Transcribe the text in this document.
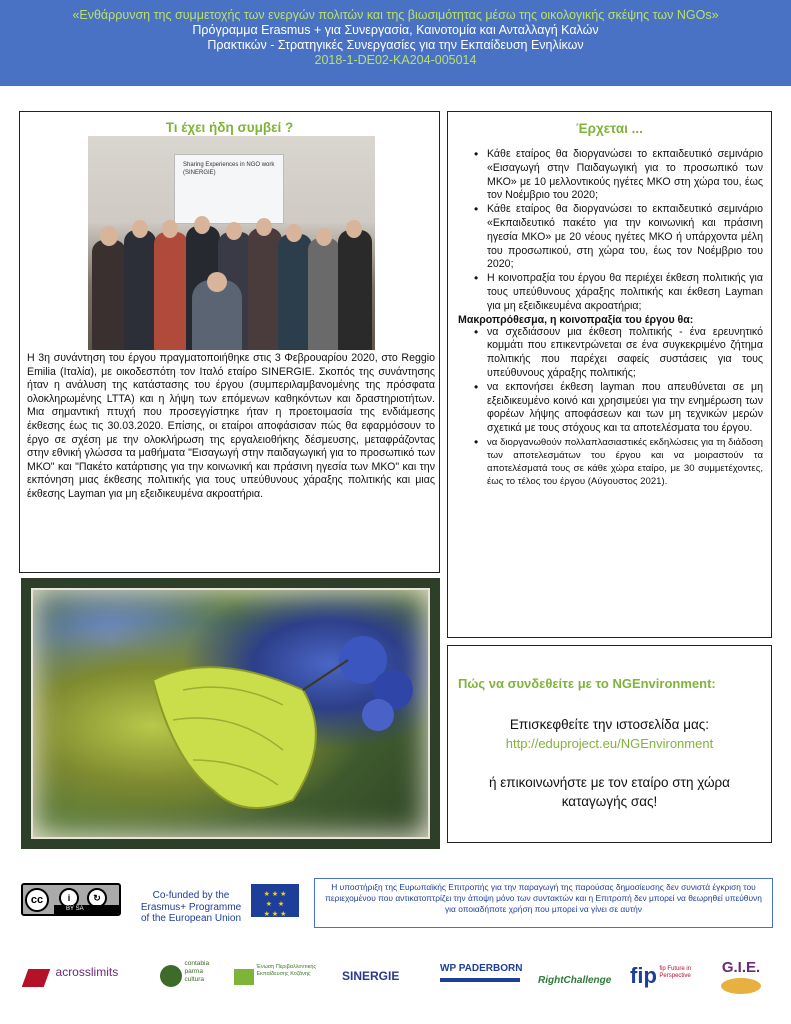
«Ενθάρρυνση της συμμετοχής των ενεργών πολιτών και της βιωσιμότητας μέσω της οικολογικής σκέψης των NGOs»
Πρόγραμμα Erasmus + για Συνεργασία, Καινοτομία και Ανταλλαγή Καλών
Πρακτικών - Στρατηγικές Συνεργασίες για την Εκπαίδευση Ενηλίκων
2018-1-DE02-KA204-005014
Τι έχει ήδη συμβεί ?
Sharing Experiences in NGO work (SINERGIE)
Η 3η συνάντηση του έργου πραγματοποιήθηκε στις 3 Φεβρουαρίου 2020, στο Reggio Emilia (Ιταλία), με οικοδεσπότη τον Ιταλό εταίρο SINERGIE. Σκοπός της συνάντησης ήταν η ανάλυση της κατάστασης του έργου (συμπεριλαμβανομένης της πρόσφατα ολοκληρωμένης LTTA) και η λήψη των επόμενων καθηκόντων και δραστηριοτήτων. Μια σημαντική πτυχή που προσεγγίστηκε ήταν η προετοιμασία της ενδιάμεσης έκθεσης έως τις 30.03.2020. Επίσης, οι εταίροι αποφάσισαν πώς θα εφαρμόσουν το έργο σε σχέση με την ολοκλήρωση της εργαλειοθήκης δέσμευσης, μεταφράζοντας στην εθνική γλώσσα τα μαθήματα "Εισαγωγή στην παιδαγωγική για το προσωπικό των ΜΚΟ" και "Πακέτο κατάρτισης για την κοινωνική και πράσινη ηγεσία των ΜΚΟ" και την εκπόνηση μιας έκθεσης πολιτικής για τους υπεύθυνους χάραξης πολιτικής και μιας έκθεσης Layman για μη εξειδικευμένα ακροατήρια.
Έρχεται ...
• Κάθε εταίρος θα διοργανώσει το εκπαιδευτικό σεμινάριο «Εισαγωγή στην Παιδαγωγική για το προσωπικό των ΜΚΟ» με 10 μελλοντικούς ηγέτες ΜΚΟ στη χώρα του, έως τον Νοέμβριο του 2020;
• Κάθε εταίρος θα διοργανώσει το εκπαιδευτικό σεμινάριο «Εκπαιδευτικό πακέτο για την κοινωνική και πράσινη ηγεσία ΜΚΟ» με 20 νέους ηγέτες ΜΚΟ ή υπάρχοντα μέλη του προσωπικού, στη χώρα του, έως τον Νοέμβριο του 2020;
• Η κοινοπραξία του έργου θα περιέχει έκθεση πολιτικής για τους υπεύθυνους χάραξης πολιτικής και έκθεση Layman για μη εξειδικευμένα ακροατήρια;
Μακροπρόθεσμα, η κοινοπραξία του έργου θα:
• να σχεδιάσουν μια έκθεση πολιτικής - ένα ερευνητικό κομμάτι που επικεντρώνεται σε ένα συγκεκριμένο ζήτημα πολιτικής που παρέχει σαφείς συστάσεις για τους υπεύθυνους χάραξης πολιτικής;
• να εκπονήσει έκθεση layman που απευθύνεται σε μη εξειδικευμένο κοινό και χρησιμεύει για την ενημέρωση των φορέων λήψης αποφάσεων και των μη τεχνικών μερών σχετικά με τους στόχους και τα αποτελέσματα του έργου.
• να διοργανωθούν πολλαπλασιαστικές εκδηλώσεις για τη διάδοση των αποτελεσμάτων του έργου και να μοιραστούν τα αποτελέσματά τους σε κάθε χώρα εταίρο, με 30 συμμετέχοντες, έως το τέλος του έργου (Αύγουστος 2021).
Πώς να συνδεθείτε με το NGEnvironment:
Επισκεφθείτε την ιστοσελίδα μας:
http://eduproject.eu/NGEnvironment
ή επικοινωνήστε με τον εταίρο στη χώρα καταγωγής σας!
cc	i	↻
BY SA
Co-funded by the Erasmus+ Programme of the European Union
★ ★ ★
★   ★
★ ★ ★
Η υποστήριξη της Ευρωπαϊκής Επιτροπής για την παραγωγή της παρούσας δημοσίευσης δεν συνιστά έγκριση του περιεχομένου που αντικατοπτρίζει την άποψη μόνο των συντακτών και η Επιτροπή δεν μπορεί να θεωρηθεί υπεύθυνη για οποιαδήποτε χρήση που μπορεί να γίνει σε αυτήν
acrosslimits
contabia parma cultura
Ένωση Περιβαλλοντικής Εκπαίδευσης Κοζάνης	SINERGIE
WP PADERBORN
RightChallenge fip fip Future in Perspective	G.I.E.
